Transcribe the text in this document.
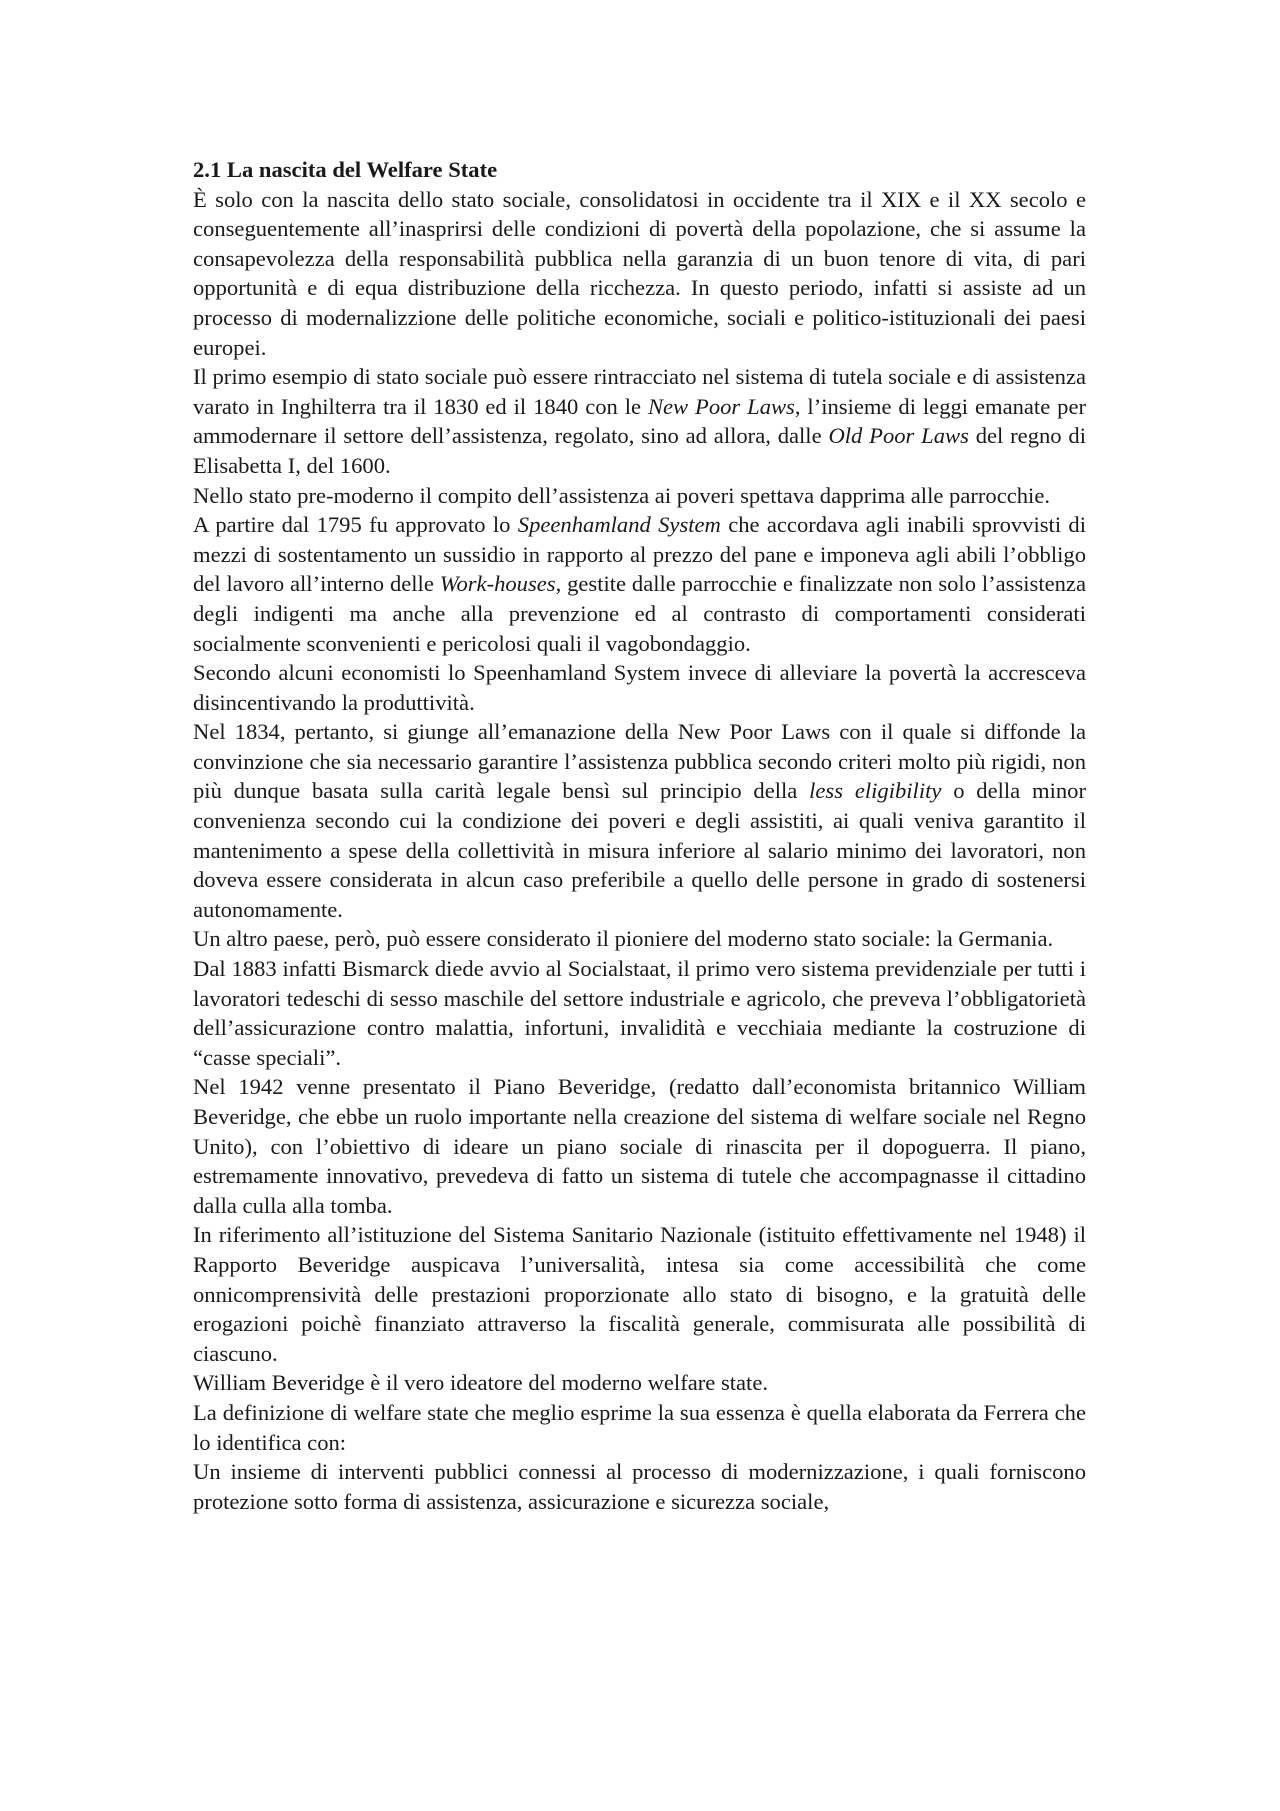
2.1 La nascita del Welfare State

È solo con la nascita dello stato sociale, consolidatosi in occidente tra il XIX e il XX secolo e conseguentemente all’inasprirsi delle condizioni di povertà della popolazione, che si assume la consapevolezza della responsabilità pubblica nella garanzia di un buon tenore di vita, di pari opportunità e di equa distribuzione della ricchezza. In questo periodo, infatti si assiste ad un processo di modernalizzione delle politiche economiche, sociali e politico-istituzionali dei paesi europei.

Il primo esempio di stato sociale può essere rintracciato nel sistema di tutela sociale e di assistenza varato in Inghilterra tra il 1830 ed il 1840 con le New Poor Laws, l’insieme di leggi emanate per ammodernare il settore dell’assistenza, regolato, sino ad allora, dalle Old Poor Laws del regno di Elisabetta I, del 1600.

Nello stato pre-moderno il compito dell’assistenza ai poveri spettava dapprima alle parrocchie.

A partire dal 1795 fu approvato lo Speenhamland System che accordava agli inabili sprovvisti di mezzi di sostentamento un sussidio in rapporto al prezzo del pane e imponeva agli abili l’obbligo del lavoro all’interno delle Work-houses, gestite dalle parrocchie e finalizzate non solo l’assistenza degli indigenti ma anche alla prevenzione ed al contrasto di comportamenti considerati socialmente sconvenienti e pericolosi quali il vagobondaggio.

Secondo alcuni economisti lo Speenhamland System invece di alleviare la povertà la accresceva disincentivando la produttività.

Nel 1834, pertanto, si giunge all’emanazione della New Poor Laws con il quale si diffonde la convinzione che sia necessario garantire l’assistenza pubblica secondo criteri molto più rigidi, non più dunque basata sulla carità legale bensì sul principio della less eligibility o della minor convenienza secondo cui la condizione dei poveri e degli assistiti, ai quali veniva garantito il mantenimento a spese della collettività in misura inferiore al salario minimo dei lavoratori, non doveva essere considerata in alcun caso preferibile a quello delle persone in grado di sostenersi autonomamente.

Un altro paese, però, può essere considerato il pioniere del moderno stato sociale: la Germania.

Dal 1883 infatti Bismarck diede avvio al Socialstaat, il primo vero sistema previdenziale per tutti i lavoratori tedeschi di sesso maschile del settore industriale e agricolo, che preveva l’obbligatorietà dell’assicurazione contro malattia, infortuni, invalidità e vecchiaia mediante la costruzione di “casse speciali”.

Nel 1942 venne presentato il Piano Beveridge, (redatto dall’economista britannico William Beveridge, che ebbe un ruolo importante nella creazione del sistema di welfare sociale nel Regno Unito), con l’obiettivo di ideare un piano sociale di rinascita per il dopoguerra. Il piano, estremamente innovativo, prevedeva di fatto un sistema di tutele che accompagnasse il cittadino dalla culla alla tomba.

In riferimento all’istituzione del Sistema Sanitario Nazionale (istituito effettivamente nel 1948) il Rapporto Beveridge auspicava l’universalità, intesa sia come accessibilità che come onnicomprensività delle prestazioni proporzionate allo stato di bisogno, e la gratuità delle erogazioni poichè finanziato attraverso la fiscalità generale, commisurata alle possibilità di ciascuno.

William Beveridge è il vero ideatore del moderno welfare state.

La definizione di welfare state che meglio esprime la sua essenza è quella elaborata da Ferrera che lo identifica con:

Un insieme di interventi pubblici connessi al processo di modernizzazione, i quali forniscono protezione sotto forma di assistenza, assicurazione e sicurezza sociale,
